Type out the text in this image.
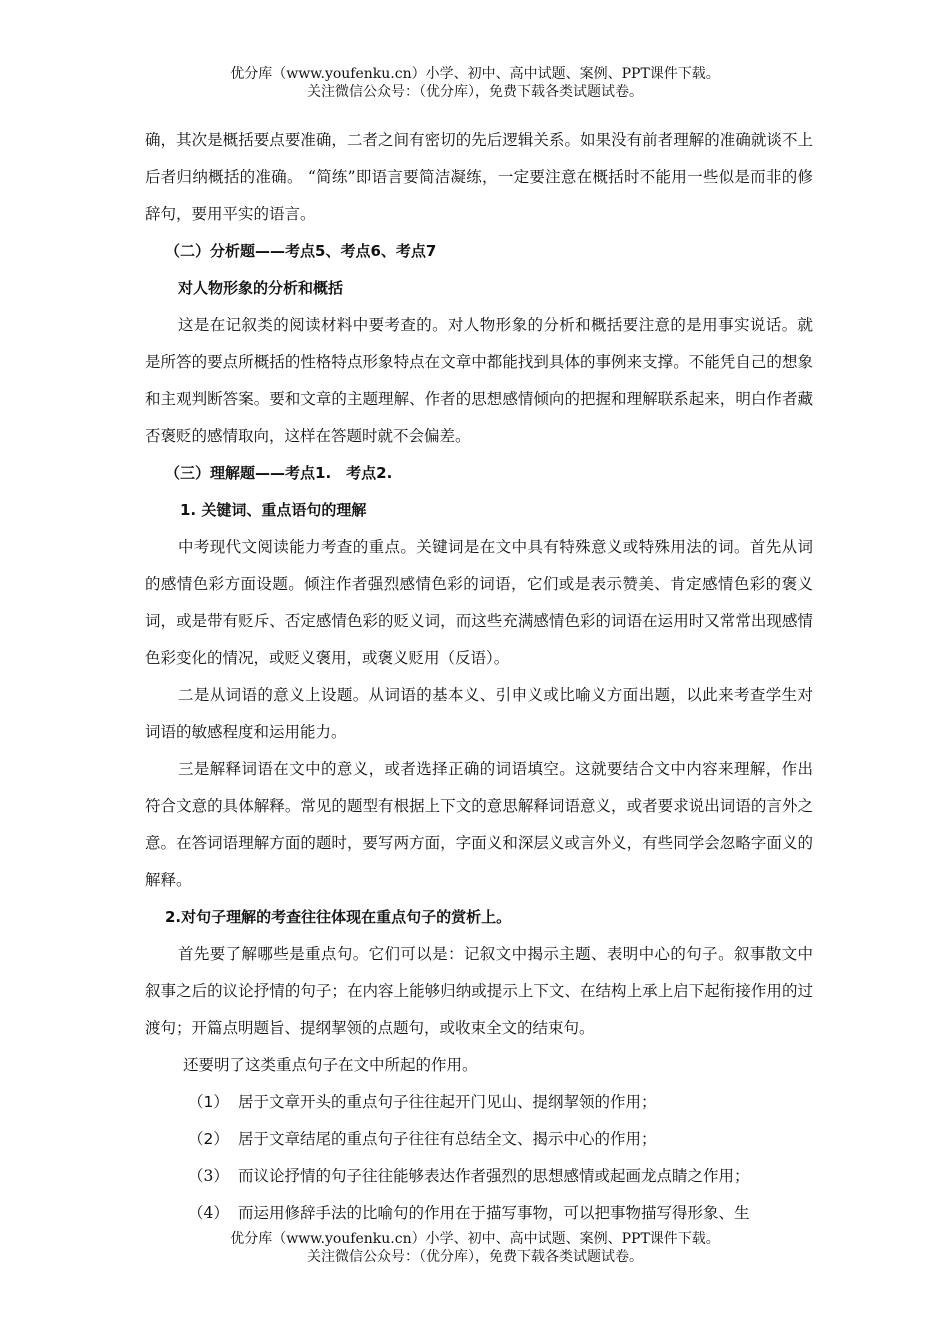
优分库（www.youfenku.cn）小学、初中、高中试题、案例、PPT课件下载。
关注微信公众号：（优分库），免费下载各类试题试卷。

确，其次是概括要点要准确，二者之间有密切的先后逻辑关系。如果没有前者理解的准确就谈不上后者归纳概括的准确。 “简练”即语言要简洁凝练，一定要注意在概括时不能用一些似是而非的修辞句，要用平实的语言。

（二）分析题——考点5、考点6、考点7

对人物形象的分析和概括

这是在记叙类的阅读材料中要考查的。对人物形象的分析和概括要注意的是用事实说话。就是所答的要点所概括的性格特点形象特点在文章中都能找到具体的事例来支撑。不能凭自己的想象和主观判断答案。要和文章的主题理解、作者的思想感情倾向的把握和理解联系起来，明白作者藏否褒贬的感情取向，这样在答题时就不会偏差。

（三）理解题——考点1.　考点2.

1. 关键词、重点语句的理解

中考现代文阅读能力考查的重点。关键词是在文中具有特殊意义或特殊用法的词。首先从词的感情色彩方面设题。倾注作者强烈感情色彩的词语，它们或是表示赞美、肯定感情色彩的褒义词，或是带有贬斥、否定感情色彩的贬义词，而这些充满感情色彩的词语在运用时又常常出现感情色彩变化的情况，或贬义褒用，或褒义贬用（反语）。

二是从词语的意义上设题。从词语的基本义、引申义或比喻义方面出题，以此来考查学生对词语的敏感程度和运用能力。

三是解释词语在文中的意义，或者选择正确的词语填空。这就要结合文中内容来理解，作出符合文意的具体解释。常见的题型有根据上下文的意思解释词语意义，或者要求说出词语的言外之意。在答词语理解方面的题时，要写两方面，字面义和深层义或言外义，有些同学会忽略字面义的解释。

2.对句子理解的考查往往体现在重点句子的赏析上。

首先要了解哪些是重点句。它们可以是：记叙文中揭示主题、表明中心的句子。叙事散文中叙事之后的议论抒情的句子；在内容上能够归纳或提示上下文、在结构上承上启下起衔接作用的过渡句；开篇点明题旨、提纲挈领的点题句，或收束全文的结束句。

还要明了这类重点句子在文中所起的作用。

（1） 居于文章开头的重点句子往往起开门见山、提纲挈领的作用；

（2） 居于文章结尾的重点句子往往有总结全文、揭示中心的作用；

（3） 而议论抒情的句子往往能够表达作者强烈的思想感情或起画龙点睛之作用；

（4） 而运用修辞手法的比喻句的作用在于描写事物，可以把事物描写得形象、生

优分库（www.youfenku.cn）小学、初中、高中试题、案例、PPT课件下载。
关注微信公众号：（优分库），免费下载各类试题试卷。
